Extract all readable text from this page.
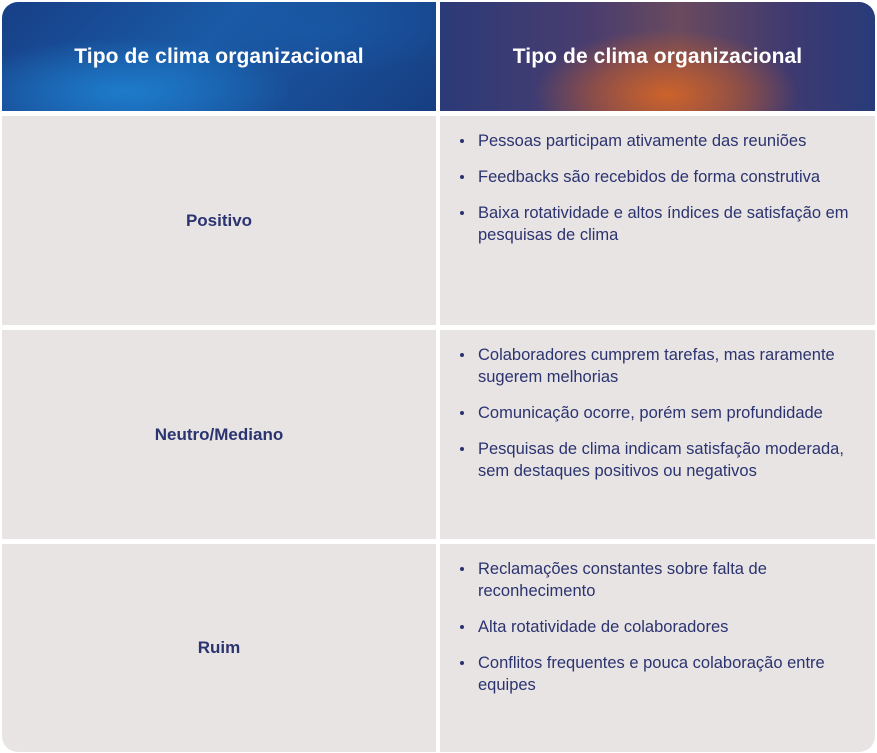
Tipo de clima organizacional	Tipo de clima organizacional
Positivo
Pessoas participam ativamente das reuniões
Feedbacks são recebidos de forma construtiva
Baixa rotatividade e altos índices de satisfação em pesquisas de clima
Neutro/Mediano
Colaboradores cumprem tarefas, mas raramente sugerem melhorias
Comunicação ocorre, porém sem profundidade
Pesquisas de clima indicam satisfação moderada, sem destaques positivos ou negativos
Ruim
Reclamações constantes sobre falta de reconhecimento
Alta rotatividade de colaboradores
Conflitos frequentes e pouca colaboração entre equipes
